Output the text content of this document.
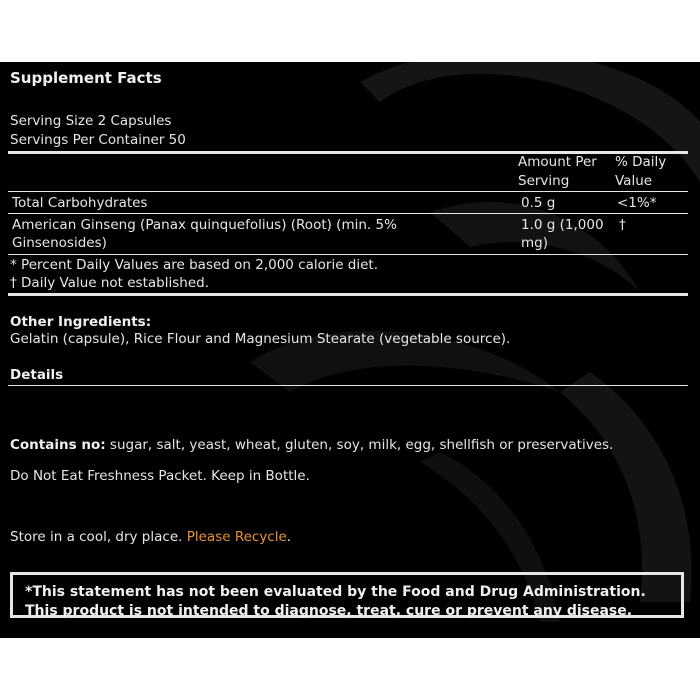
Supplement Facts
Serving Size 2 Capsules
Servings Per Container 50
Amount Per
Serving
% Daily
Value
Total Carbohydrates	0.5 g	<1%*
American Ginseng (Panax quinquefolius) (Root) (min. 5%
Ginsenosides)
1.0 g (1,000
mg)
†
* Percent Daily Values are based on 2,000 calorie diet.
† Daily Value not established.
Other Ingredients:
Gelatin (capsule), Rice Flour and Magnesium Stearate (vegetable source).
Details
Contains no: sugar, salt, yeast, wheat, gluten, soy, milk, egg, shellfish or preservatives.
Do Not Eat Freshness Packet. Keep in Bottle.
Store in a cool, dry place. Please Recycle.
*This statement has not been evaluated by the Food and Drug Administration. This product is not intended to diagnose, treat, cure or prevent any disease.
